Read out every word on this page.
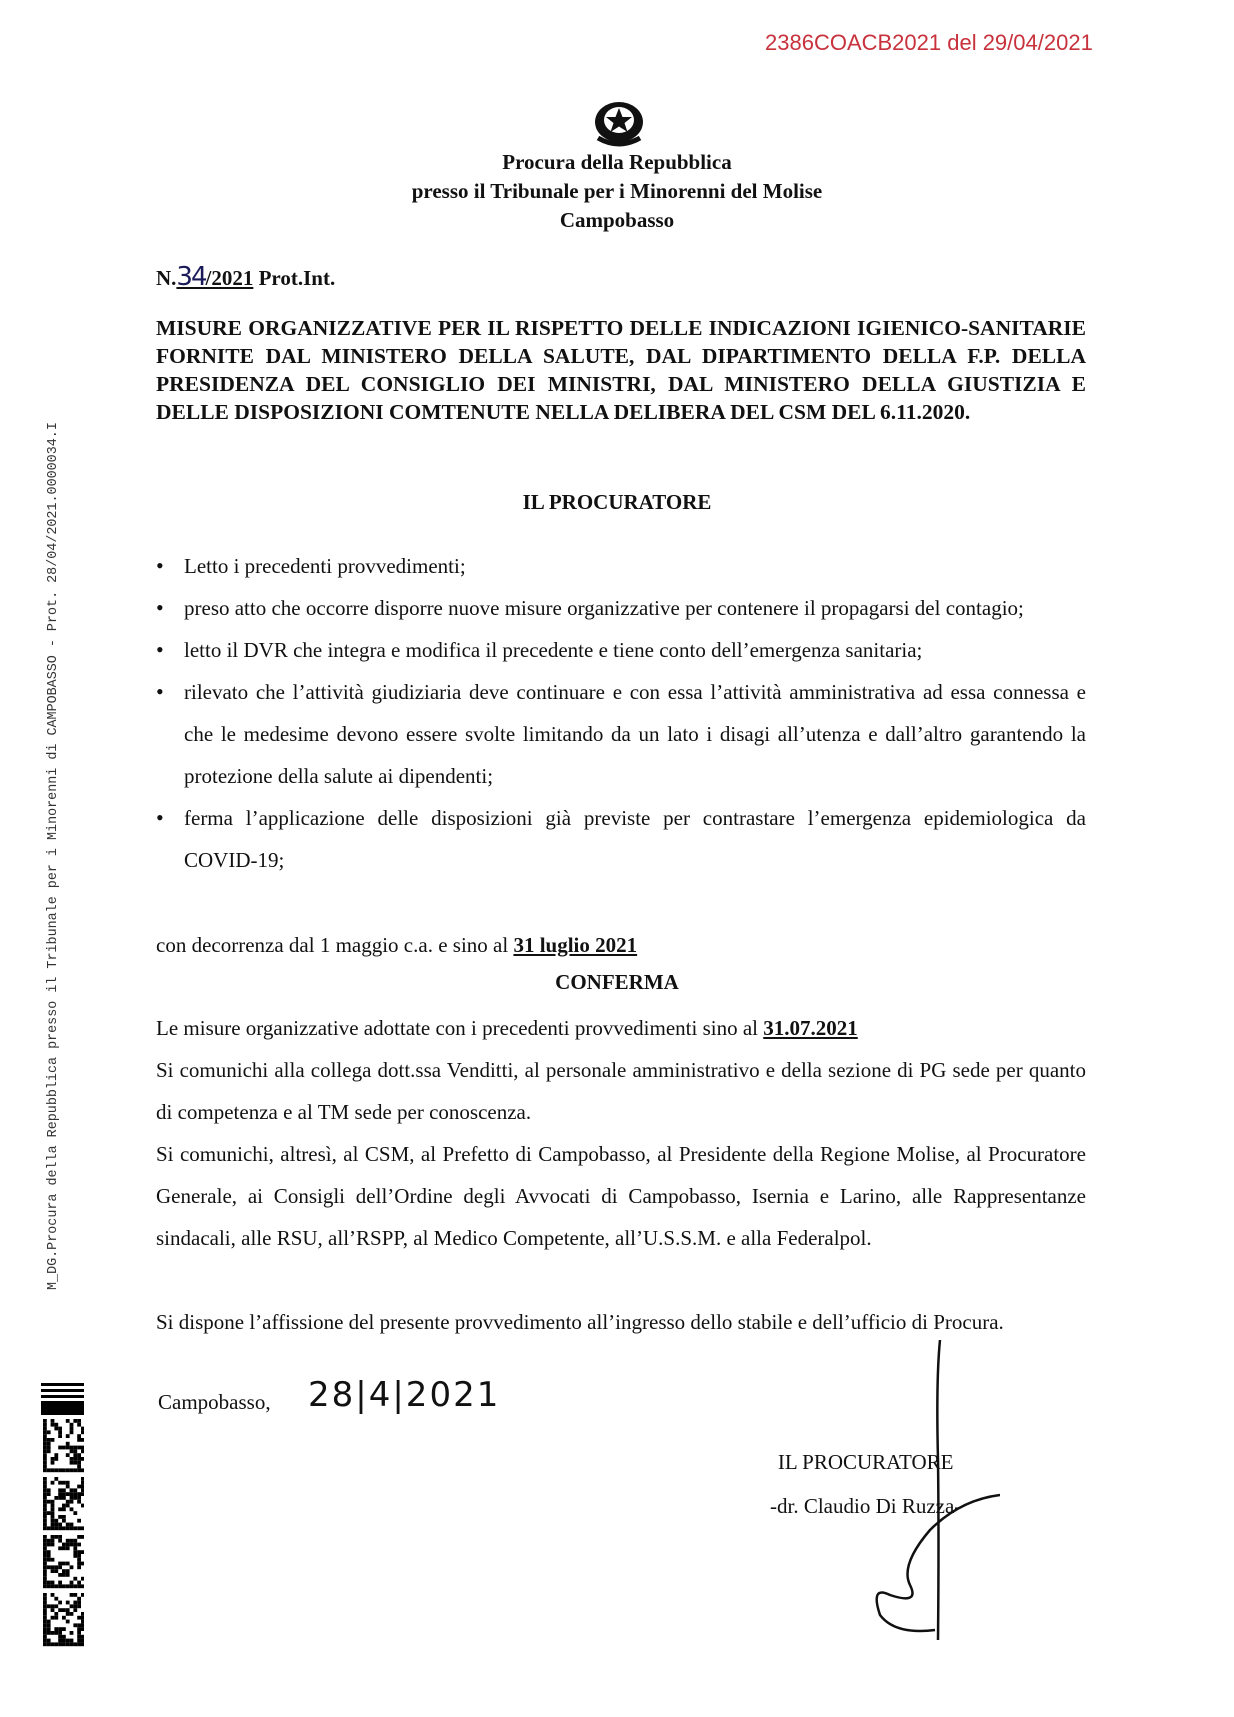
2386COACB2021 del 29/04/2021
M_DG.Procura della Repubblica presso il Tribunale per i Minorenni di CAMPOBASSO - Prot. 28/04/2021.0000034.I
Procura della Repubblica
presso il Tribunale per i Minorenni del Molise
Campobasso
N.34/2021 Prot.Int.
MISURE ORGANIZZATIVE PER IL RISPETTO DELLE INDICAZIONI IGIENICO-SANITARIE FORNITE DAL MINISTERO DELLA SALUTE, DAL DIPARTIMENTO DELLA F.P. DELLA PRESIDENZA DEL CONSIGLIO DEI MINISTRI, DAL MINISTERO DELLA GIUSTIZIA E DELLE DISPOSIZIONI COMTENUTE NELLA DELIBERA DEL CSM DEL 6.11.2020.
IL PROCURATORE
• Letto i precedenti provvedimenti;
• preso atto che occorre disporre nuove misure organizzative per contenere il propagarsi del contagio;
• letto il DVR che integra e modifica il precedente e tiene conto dell’emergenza sanitaria;
• rilevato che l’attività giudiziaria deve continuare e con essa l’attività amministrativa ad essa connessa e che le medesime devono essere svolte limitando da un lato i disagi all’utenza e dall’altro garantendo la protezione della salute ai dipendenti;
• ferma l’applicazione delle disposizioni già previste per contrastare l’emergenza epidemiologica da COVID-19;
con decorrenza dal 1 maggio c.a. e sino al 31 luglio 2021
CONFERMA
Le misure organizzative adottate con i precedenti provvedimenti sino al 31.07.2021
Si comunichi alla collega dott.ssa Venditti, al personale amministrativo e della sezione di PG sede per quanto di competenza e al TM sede per conoscenza.
Si comunichi, altresì, al CSM, al Prefetto di Campobasso, al Presidente della Regione Molise, al Procuratore Generale, ai Consigli dell’Ordine degli Avvocati di Campobasso, Isernia e Larino, alle Rappresentanze sindacali, alle RSU, all’RSPP, al Medico Competente, all’U.S.S.M. e alla Federalpol.
Si dispone l’affissione del presente provvedimento all’ingresso dello stabile e dell’ufficio di Procura.
Campobasso, 28|4|2021
IL PROCURATORE
-dr. Claudio Di Ruzza-
